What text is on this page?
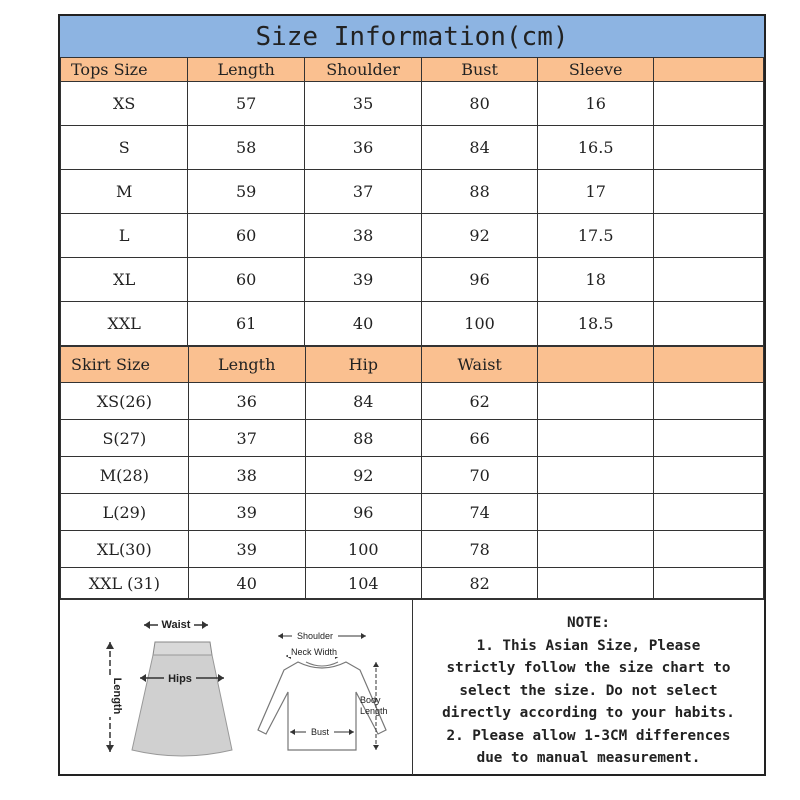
Size Information(cm)
Tops Size	Length	Shoulder	Bust	Sleeve	
XS	57	35	80	16	
S	58	36	84	16.5	
M	59	37	88	17	
L	60	38	92	17.5	
XL	60	39	96	18	
XXL	61	40	100	18.5	
Skirt Size	Length	Hip	Waist		
XS(26)	36	84	62		
S(27)	37	88	66		
M(28)	38	92	70		
L(29)	39	96	74		
XL(30)	39	100	78		
XXL (31)	40	104	82		
Waist
Hips
Length
Shoulder
Neck Width
Bust
Body
Length
NOTE:
1. This Asian Size, Please
strictly follow the size chart to
select the size. Do not select
directly according to your habits.
2. Please allow 1-3CM differences
due to manual measurement.
